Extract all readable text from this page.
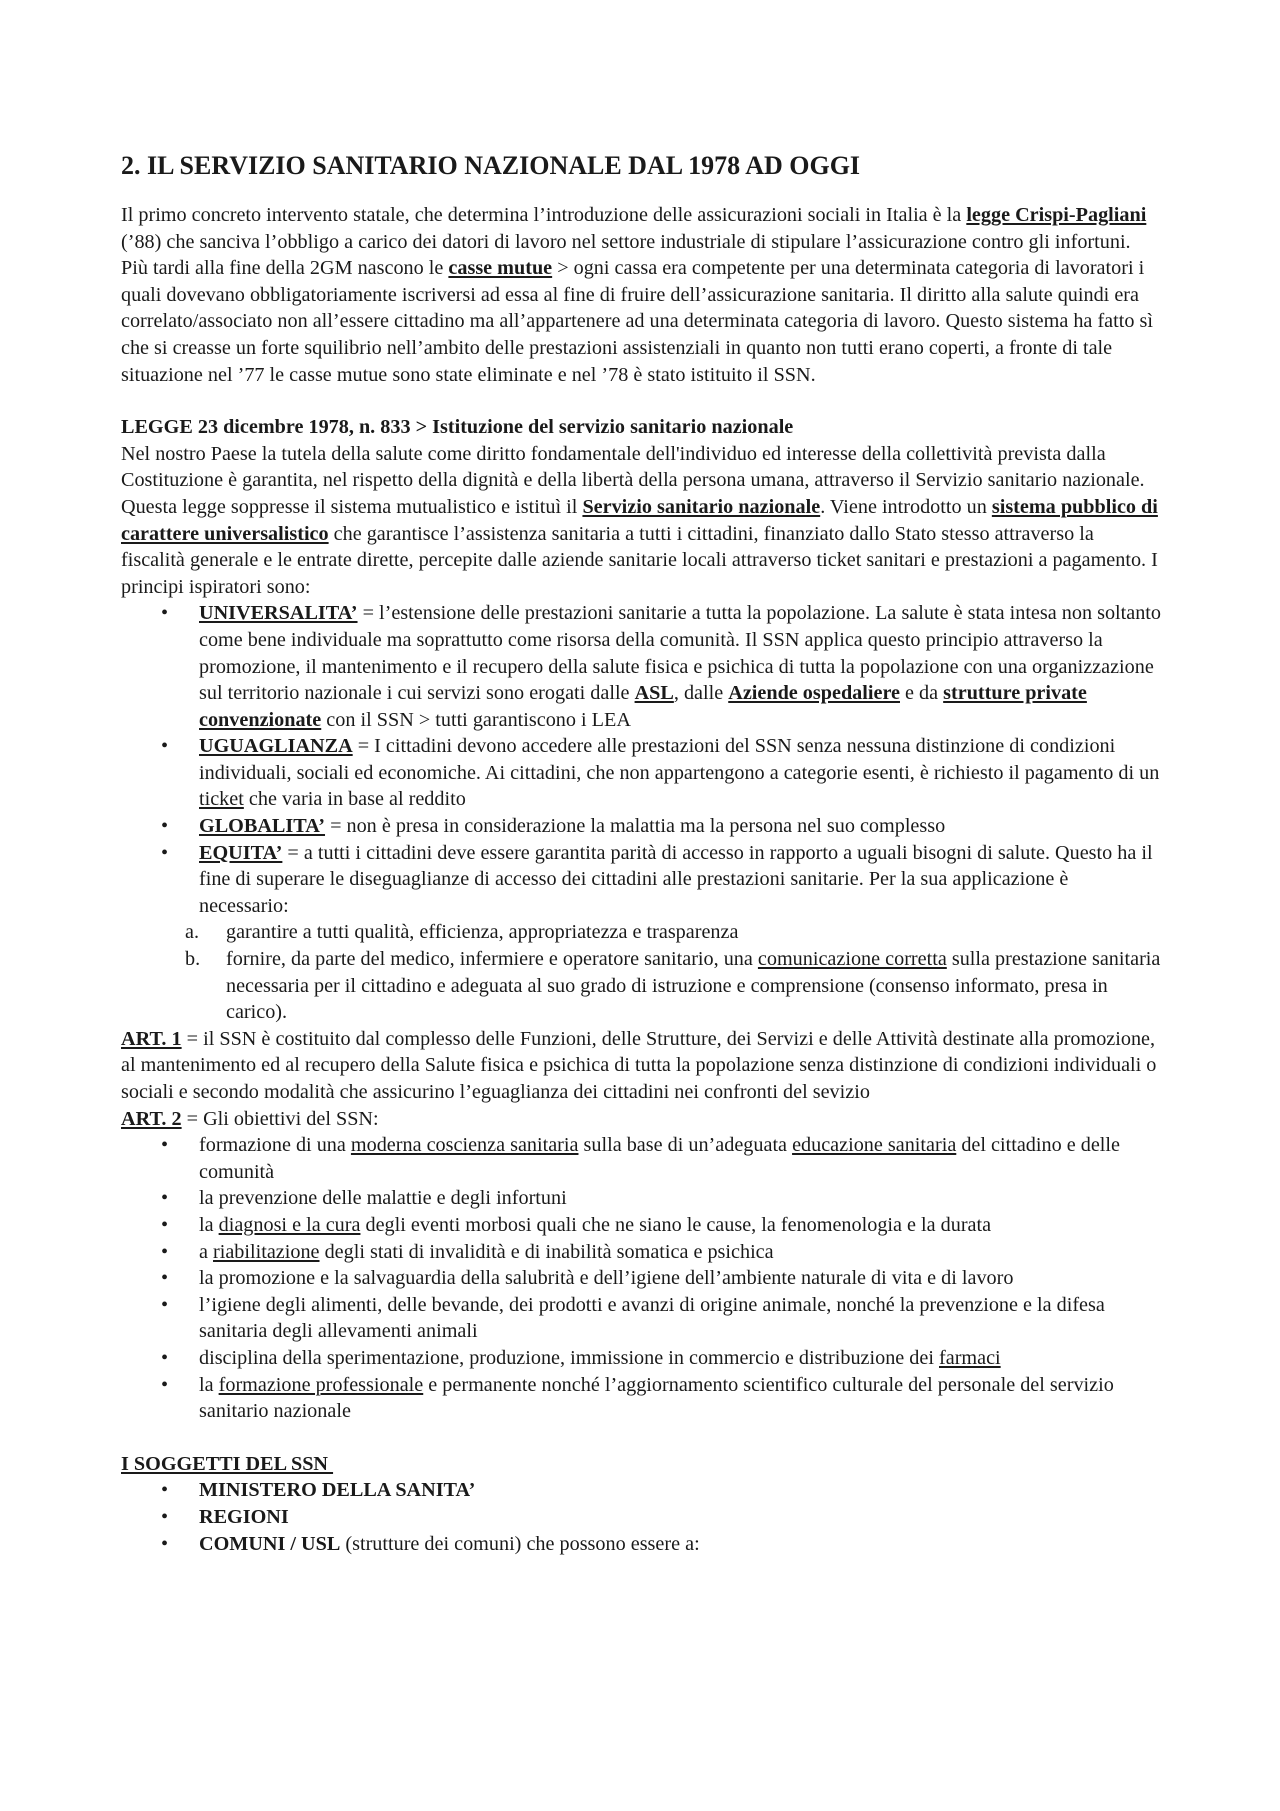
2. IL SERVIZIO SANITARIO NAZIONALE DAL 1978 AD OGGI

Il primo concreto intervento statale, che determina l’introduzione delle assicurazioni sociali in Italia è la legge Crispi-Pagliani (’88) che sanciva l’obbligo a carico dei datori di lavoro nel settore industriale di stipulare l’assicurazione contro gli infortuni.

Più tardi alla fine della 2GM nascono le casse mutue > ogni cassa era competente per una determinata categoria di lavoratori i quali dovevano obbligatoriamente iscriversi ad essa al fine di fruire dell’assicurazione sanitaria. Il diritto alla salute quindi era correlato/associato non all’essere cittadino ma all’appartenere ad una determinata categoria di lavoro. Questo sistema ha fatto sì che si creasse un forte squilibrio nell’ambito delle prestazioni assistenziali in quanto non tutti erano coperti, a fronte di tale situazione nel ’77 le casse mutue sono state eliminate e nel ’78 è stato istituito il SSN.

LEGGE 23 dicembre 1978, n. 833 > Istituzione del servizio sanitario nazionale

Nel nostro Paese la tutela della salute come diritto fondamentale dell'individuo ed interesse della collettività prevista dalla Costituzione è garantita, nel rispetto della dignità e della libertà della persona umana, attraverso il Servizio sanitario nazionale. Questa legge soppresse il sistema mutualistico e istituì il Servizio sanitario nazionale. Viene introdotto un sistema pubblico di carattere universalistico che garantisce l’assistenza sanitaria a tutti i cittadini, finanziato dallo Stato stesso attraverso la fiscalità generale e le entrate dirette, percepite dalle aziende sanitarie locali attraverso ticket sanitari e prestazioni a pagamento. I principi ispiratori sono:

• UNIVERSALITA’ = l’estensione delle prestazioni sanitarie a tutta la popolazione. La salute è stata intesa non soltanto come bene individuale ma soprattutto come risorsa della comunità. Il SSN applica questo principio attraverso la promozione, il mantenimento e il recupero della salute fisica e psichica di tutta la popolazione con una organizzazione sul territorio nazionale i cui servizi sono erogati dalle ASL, dalle Aziende ospedaliere e da strutture private convenzionate con il SSN > tutti garantiscono i LEA
• UGUAGLIANZA = I cittadini devono accedere alle prestazioni del SSN senza nessuna distinzione di condizioni individuali, sociali ed economiche. Ai cittadini, che non appartengono a categorie esenti, è richiesto il pagamento di un ticket che varia in base al reddito
• GLOBALITA’ = non è presa in considerazione la malattia ma la persona nel suo complesso
• EQUITA’ = a tutti i cittadini deve essere garantita parità di accesso in rapporto a uguali bisogni di salute. Questo ha il fine di superare le diseguaglianze di accesso dei cittadini alle prestazioni sanitarie. Per la sua applicazione è necessario:
a. garantire a tutti qualità, efficienza, appropriatezza e trasparenza
b. fornire, da parte del medico, infermiere e operatore sanitario, una comunicazione corretta sulla prestazione sanitaria necessaria per il cittadino e adeguata al suo grado di istruzione e comprensione (consenso informato, presa in carico).

ART. 1 = il SSN è costituito dal complesso delle Funzioni, delle Strutture, dei Servizi e delle Attività destinate alla promozione, al mantenimento ed al recupero della Salute fisica e psichica di tutta la popolazione senza distinzione di condizioni individuali o sociali e secondo modalità che assicurino l’eguaglianza dei cittadini nei confronti del sevizio

ART. 2 = Gli obiettivi del SSN:

• formazione di una moderna coscienza sanitaria sulla base di un’adeguata educazione sanitaria del cittadino e delle comunità
• la prevenzione delle malattie e degli infortuni
• la diagnosi e la cura degli eventi morbosi quali che ne siano le cause, la fenomenologia e la durata
• a riabilitazione degli stati di invalidità e di inabilità somatica e psichica
• la promozione e la salvaguardia della salubrità e dell’igiene dell’ambiente naturale di vita e di lavoro
• l’igiene degli alimenti, delle bevande, dei prodotti e avanzi di origine animale, nonché la prevenzione e la difesa sanitaria degli allevamenti animali
• disciplina della sperimentazione, produzione, immissione in commercio e distribuzione dei farmaci
• la formazione professionale e permanente nonché l’aggiornamento scientifico culturale del personale del servizio sanitario nazionale

I SOGGETTI DEL SSN

• MINISTERO DELLA SANITA’
• REGIONI
• COMUNI / USL (strutture dei comuni) che possono essere a:
